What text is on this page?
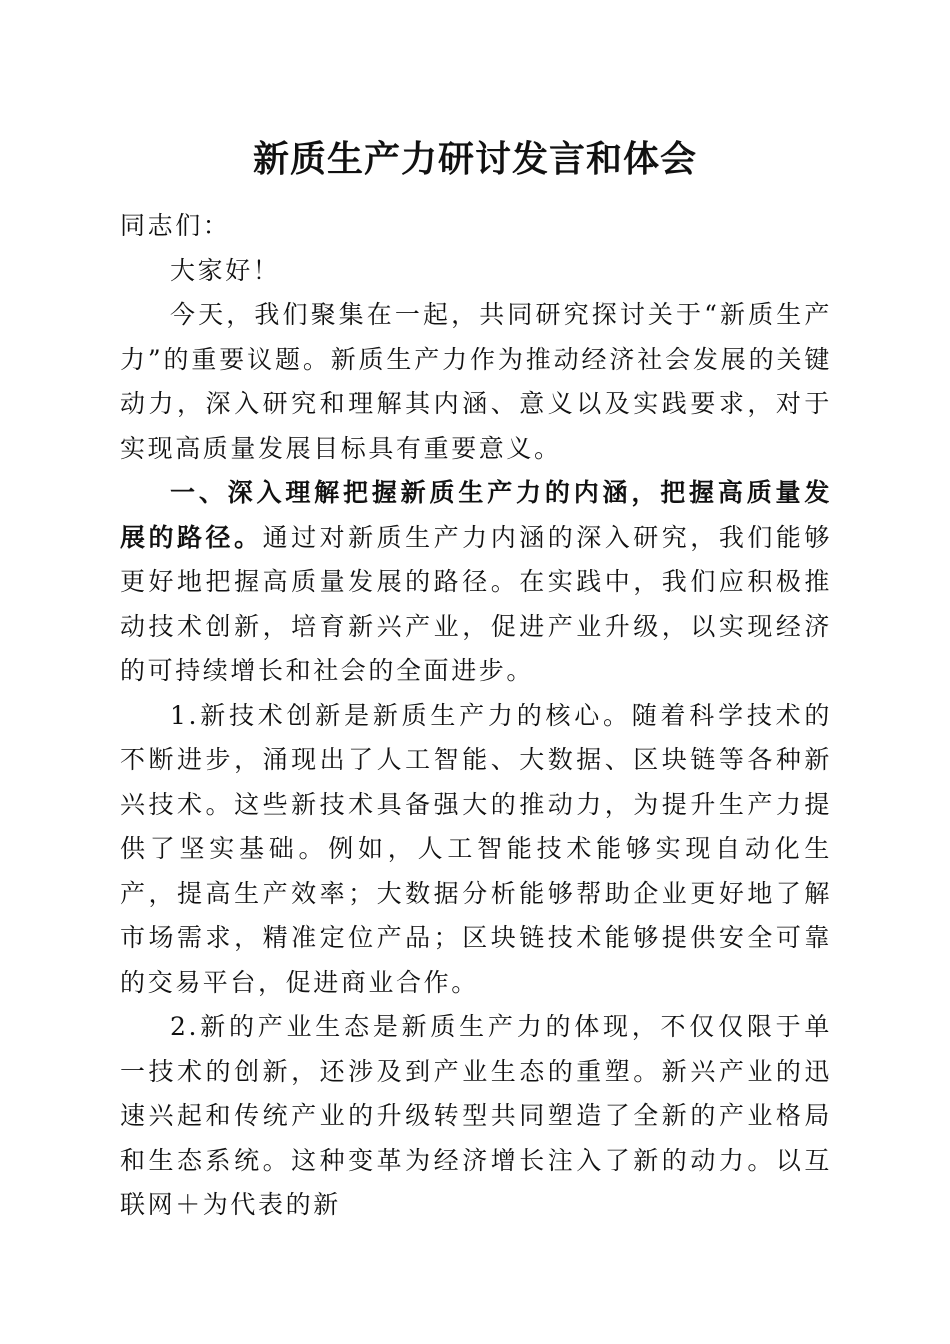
新质生产力研讨发言和体会

同志们：

大家好！

今天，我们聚集在一起，共同研究探讨关于“新质生产力”的重要议题。新质生产力作为推动经济社会发展的关键动力，深入研究和理解其内涵、意义以及实践要求，对于实现高质量发展目标具有重要意义。

一、深入理解把握新质生产力的内涵，把握高质量发展的路径。通过对新质生产力内涵的深入研究，我们能够更好地把握高质量发展的路径。在实践中，我们应积极推动技术创新，培育新兴产业，促进产业升级，以实现经济的可持续增长和社会的全面进步。

1.新技术创新是新质生产力的核心。随着科学技术的不断进步，涌现出了人工智能、大数据、区块链等各种新兴技术。这些新技术具备强大的推动力，为提升生产力提供了坚实基础。例如，人工智能技术能够实现自动化生产，提高生产效率；大数据分析能够帮助企业更好地了解市场需求，精准定位产品；区块链技术能够提供安全可靠的交易平台，促进商业合作。

2.新的产业生态是新质生产力的体现，不仅仅限于单一技术的创新，还涉及到产业生态的重塑。新兴产业的迅速兴起和传统产业的升级转型共同塑造了全新的产业格局和生态系统。这种变革为经济增长注入了新的动力。以互联网＋为代表的新
